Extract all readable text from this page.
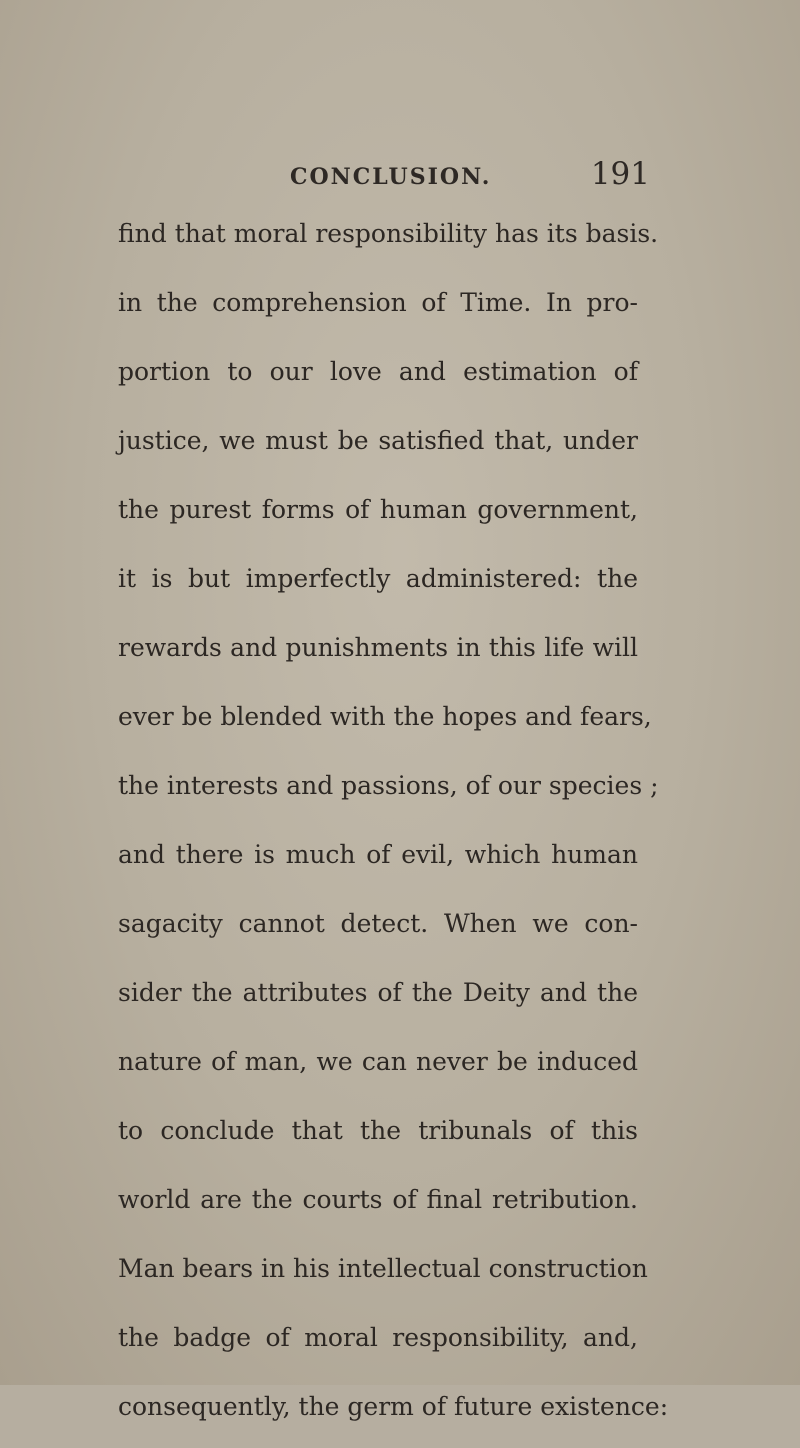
CONCLUSION.	191
find that moral responsibility has its basis.
in the comprehension of Time. In pro-
portion to our love and estimation of
justice, we must be satisfied that, under
the purest forms of human government,
it is but imperfectly administered: the
rewards and punishments in this life will
ever be blended with the hopes and fears,
the interests and passions, of our species ;
and there is much of evil, which human
sagacity cannot detect. When we con-
sider the attributes of the Deity and the
nature of man, we can never be induced
to conclude that the tribunals of this
world are the courts of final retribution.
Man bears in his intellectual construction
the badge of moral responsibility, and,
consequently, the germ of future existence:
